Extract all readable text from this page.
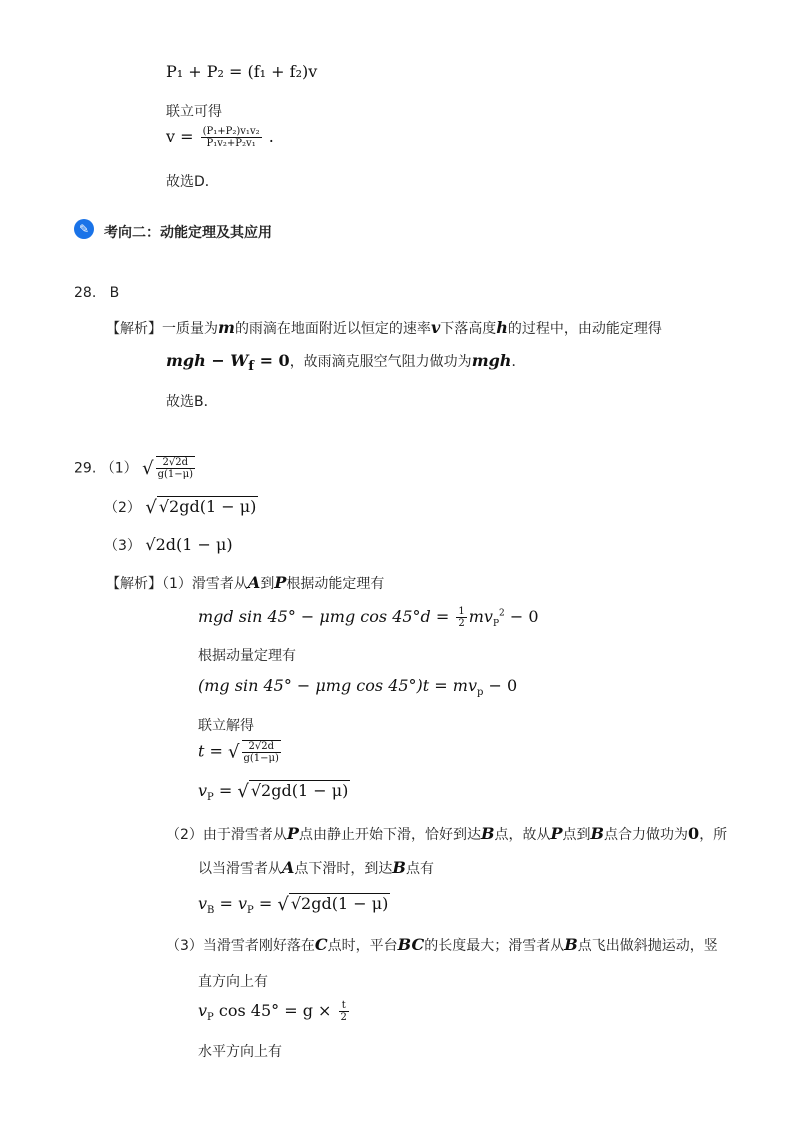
P₁ + P₂ = (f₁ + f₂)v
联立可得
$v = \frac{\text{(P₁+P₂)v₁v₂}}{\text{P₁v₂+P₂v₁}}$ .
故选D．
✎	考向二：动能定理及其应用
28. B
【解析】一质量为m的雨滴在地面附近以恒定的速率v下落高度h的过程中，由动能定理得
mgh − $W_f = 0$，故雨滴克服空气阻力做功为mgh．
故选B．
29. （1） √ $\frac{2√2d}{g(1-\mu)}$
（2） √ √2gd(1 − μ)
（3） √2d(1 − μ)
【解析】（1）滑雪者从A到P根据动能定理有
mgd sin 45° − μmg $\cos 45^\circ d = \frac{1}{2} mv_P^2 - 0$
根据动量定理有
(mg sin 45° − μmg $\cos 45^\circ)t = mv_p - 0$
联立解得
t = √ $\frac{2√2d}{g(1-\mu)}$
$v_P$ = √ √2gd(1 − μ)
（2）由于滑雪者从P点由静止开始下滑，恰好到达B点，故从P点到B点合力做功为0，所
以当滑雪者从A点下滑时，到达B点有
$v_B = v_P$ = √ √2gd(1 − μ)
（3）当滑雪者刚好落在C点时，平台BC的长度最大；滑雪者从B点飞出做斜抛运动，竖
直方向上有
$v_P$ $\cos 45^\circ = g \times \frac{t}{2}$
水平方向上有
